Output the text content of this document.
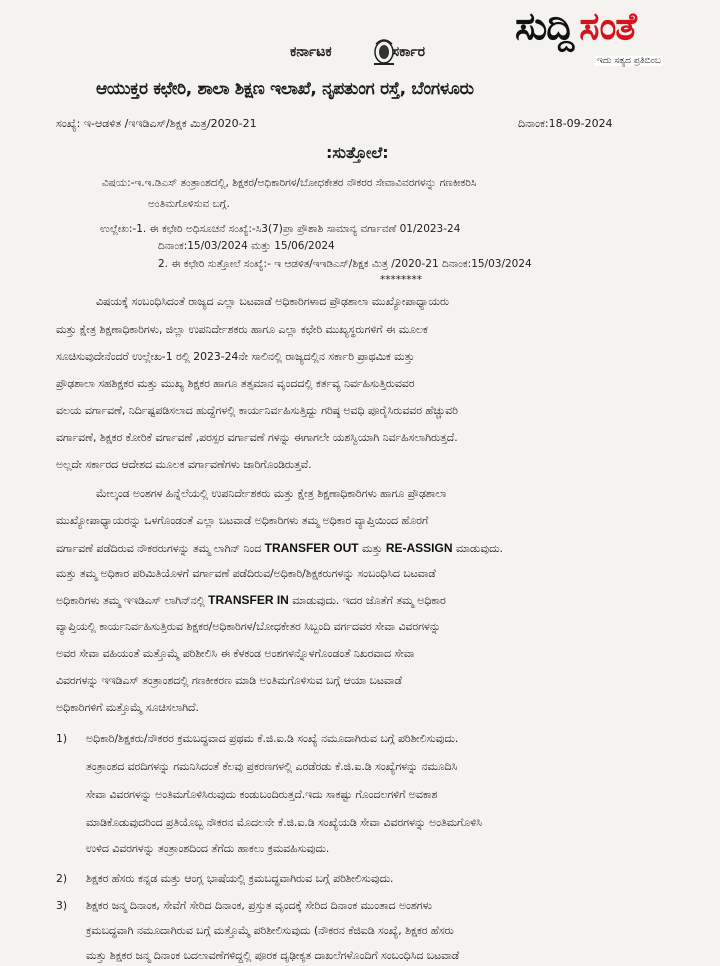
ಸುದ್ದಿ ಸಂತೆ
ಇದು ಸತ್ಯದ ಪ್ರತಿಬಿಂಬ
ಕರ್ನಾಟಕ	ಸರ್ಕಾರ
ಆಯುಕ್ತರ ಕಛೇರಿ, ಶಾಲಾ ಶಿಕ್ಷಣ ಇಲಾಖೆ, ನೃಪತುಂಗ ರಸ್ತೆ, ಬೆಂಗಳೂರು
ಸಂಖ್ಯೆ: ಇ-ಆಡಳಿತ /ಇಇಡಿಎಸ್/ಶಿಕ್ಷಕ ಮಿತ್ರ/2020-21	ದಿನಾಂಕ:18-09-2024
:ಸುತ್ತೋಲೆ:
ವಿಷಯ:-ಇ.ಇ.ಡಿಎಸ್ ತಂತ್ರಾಂಶದಲ್ಲಿ, ಶಿಕ್ಷಕರ/ಅಧಿಕಾರಿಗಳ/ಬೋಧಕೇತರ ನೌಕರರ ಸೇವಾವಿವರಗಳನ್ನು ಗಣಕೀಕರಿಸಿ
ಅಂತಿಮಗೊಳಿಸುವ ಬಗ್ಗೆ.
ಉಲ್ಲೇಖ:-1. ಈ ಕಛೇರಿ ಅಧಿಸೂಚನೆ ಸಂಖ್ಯೆ:-ಸಿ3(7)ಪ್ರಾ ಪ್ರೌಶಾಶಿ ಸಾಮಾನ್ಯ ವರ್ಗಾವಣೆ 01/2023-24
ದಿನಾಂಕ:15/03/2024 ಮತ್ತು 15/06/2024
2. ಈ ಕಛೇರಿ ಸುತ್ತೋಲೆ ಸಂಖ್ಯೆ:- ಇ ಆಡಳಿತ/ಇಇಡಿಎಸ್/ಶಿಕ್ಷಕ ಮಿತ್ರ /2020-21 ದಿನಾಂಕ:15/03/2024
********
ವಿಷಯಕ್ಕೆ ಸಂಬಂಧಿಸಿದಂತೆ ರಾಜ್ಯದ ಎಲ್ಲಾ ಬಟವಾಡೆ ಅಧಿಕಾರಿಗಳಾದ ಪ್ರೌಢಶಾಲಾ ಮುಖ್ಯೋಪಾಧ್ಯಾಯರು
ಮತ್ತು ಕ್ಷೇತ್ರ ಶಿಕ್ಷಣಾಧಿಕಾರಿಗಳು, ಜಿಲ್ಲಾ ಉಪನಿರ್ದೇಶಕರು ಹಾಗೂ ಎಲ್ಲಾ ಕಛೇರಿ ಮುಖ್ಯಸ್ಥರುಗಳಿಗೆ ಈ ಮೂಲಕ
ಸೂಚಿಸುವುದೇನೆಂದರೆ ಉಲ್ಲೇಖ-1 ರಲ್ಲಿ 2023-24ನೇ ಸಾಲಿನಲ್ಲಿ ರಾಜ್ಯದಲ್ಲಿನ ಸರ್ಕಾರಿ ಪ್ರಾಥಮಿಕ ಮತ್ತು
ಪ್ರೌಢಶಾಲಾ ಸಹಶಿಕ್ಷಕರ ಮತ್ತು ಮುಖ್ಯ ಶಿಕ್ಷಕರ ಹಾಗೂ ತತ್ಸಮಾನ ವೃಂದದಲ್ಲಿ ಕರ್ತವ್ಯ ನಿರ್ವಹಿಸುತ್ತಿರುವವರ
ವಲಯ ವರ್ಗಾವಣೆ, ನಿರ್ದಿಷ್ಟಪಡಿಸಲಾದ ಹುದ್ದೆಗಳಲ್ಲಿ ಕಾರ್ಯನಿರ್ವಹಿಸುತ್ತಿದ್ದು ಗರಿಷ್ಠ ಅವಧಿ ಪೂರೈಸಿರುವವರ ಹೆಚ್ಚುವರಿ
ವರ್ಗಾವಣೆ, ಶಿಕ್ಷಕರ ಕೋರಿಕೆ ವರ್ಗಾವಣೆ ,ಪರಸ್ಪರ ವರ್ಗಾವಣೆ ಗಳನ್ನು ಈಗಾಗಲೇ ಯಶಸ್ವಿಯಾಗಿ ನಿರ್ವಹಿಸಲಾಗಿರುತ್ತದೆ.
ಅಲ್ಲದೇ ಸರ್ಕಾರದ ಆದೇಶದ ಮೂಲಕ ವರ್ಗಾವಣೆಗಳು ಜಾರಿಗೊಂಡಿರುತ್ತವೆ.
ಮೇಲ್ಕಂಡ ಅಂಶಗಳ ಹಿನ್ನೆಲೆಯಲ್ಲಿ ಉಪನಿರ್ದೇಶಕರು ಮತ್ತು ಕ್ಷೇತ್ರ ಶಿಕ್ಷಣಾಧಿಕಾರಿಗಳು ಹಾಗೂ ಪ್ರೌಢಶಾಲಾ
ಮುಖ್ಯೋಪಾಧ್ಯಾಯರನ್ನು ಒಳಗೊಂಡಂತೆ ಎಲ್ಲಾ ಬಟವಾಡೆ ಅಧಿಕಾರಿಗಳು ತಮ್ಮ ಅಧಿಕಾರ ವ್ಯಾಪ್ತಿಯಿಂದ ಹೊರಗೆ
ವರ್ಗಾವಣೆ ಪಡೆದಿರುವ ನೌಕರರುಗಳನ್ನು ತಮ್ಮ ಲಾಗಿನ್ ನಿಂದ TRANSFER OUT ಮತ್ತು RE-ASSIGN ಮಾಡುವುದು.
ಮತ್ತು ತಮ್ಮ ಅಧಿಕಾರ ಪರಿಮಿತಿಯೊಳಗೆ ವರ್ಗಾವಣೆ ಪಡೆದಿರುವ/ಅಧಿಕಾರಿ/ಶಿಕ್ಷಕರುಗಳನ್ನು ಸಂಬಂಧಿಸಿದ ಬಟವಾಡೆ
ಅಧಿಕಾರಿಗಳು ತಮ್ಮ ಇಇಡಿಎಸ್ ಲಾಗಿನ್‌ನಲ್ಲಿ TRANSFER IN ಮಾಡುವುದು. ಇದರ ಜೊತೆಗೆ ತಮ್ಮ ಅಧಿಕಾರ
ವ್ಯಾಪ್ತಿಯಲ್ಲಿ ಕಾರ್ಯನಿರ್ವಹಿಸುತ್ತಿರುವ ಶಿಕ್ಷಕರ/ಅಧಿಕಾರಿಗಳ/ಬೋಧಕೇತರ ಸಿಬ್ಬಂದಿ ವರ್ಗದವರ ಸೇವಾ ವಿವರಗಳನ್ನು
ಅವರ ಸೇವಾ ವಹಿಯಂತೆ ಮತ್ತೊಮ್ಮೆ ಪರಿಶೀಲಿಸಿ ಈ ಕೆಳಕಂಡ ಅಂಶಗಳನ್ನೊಳಗೊಂಡಂತೆ ನಿಖರವಾದ ಸೇವಾ
ವಿವರಗಳನ್ನು ಇಇಡಿಎಸ್ ತಂತ್ರಾಂಶದಲ್ಲಿ ಗಣಕೀಕರಣ ಮಾಡಿ ಅಂತಿಮಗೊಳಿಸುವ ಬಗ್ಗೆ ಆಯಾ ಬಟವಾಡೆ
ಅಧಿಕಾರಿಗಳಿಗೆ ಮತ್ತೊಮ್ಮೆ ಸೂಚಿಸಲಾಗಿದೆ.
1) ಅಧಿಕಾರಿ/ಶಿಕ್ಷಕರು/ನೌಕರರ ಕ್ರಮಬದ್ಧವಾದ ಪ್ರಥಮ ಕೆ.ಜಿ.ಐ.ಡಿ ಸಂಖ್ಯೆ ನಮೂದಾಗಿರುವ ಬಗ್ಗೆ ಪರಿಶೀಲಿಸುವುದು.
ತಂತ್ರಾಂಶದ ವರದಿಗಳನ್ನು ಗಮನಿಸಿದಂತೆ ಕೆಲವು ಪ್ರಕರಣಗಳಲ್ಲಿ ಎರಡೆರಡು ಕೆ.ಜಿ.ಐ.ಡಿ ಸಂಖ್ಯೆಗಳನ್ನು ನಮೂದಿಸಿ
ಸೇವಾ ವಿವರಗಳನ್ನು ಅಂತಿಮಗೊಳಿಸಿರುವುದು ಕಂಡುಬಂದಿರುತ್ತದೆ.ಇದು ಸಾಕಷ್ಟು ಗೊಂದಲಗಳಿಗೆ ಅವಕಾಶ
ಮಾಡಿಕೊಡುವುದರಿಂದ ಪ್ರತಿಯೊಬ್ಬ ನೌಕರನ ಮೊದಲನೇ ಕೆ.ಜಿ.ಐ.ಡಿ ಸಂಖ್ಯೆಯಡಿ ಸೇವಾ ವಿವರಗಳನ್ನು ಅಂತಿಮಗೊಳಿಸಿ
ಉಳಿದ ವಿವರಗಳನ್ನು ತಂತ್ರಾಂಶದಿಂದ ತೆಗೆದು ಹಾಕಲು ಕ್ರಮವಹಿಸುವುದು.
2) ಶಿಕ್ಷಕರ ಹೆಸರು ಕನ್ನಡ ಮತ್ತು ಆಂಗ್ಲ ಭಾಷೆಯಲ್ಲಿ ಕ್ರಮಬದ್ಧವಾಗಿರುವ ಬಗ್ಗೆ ಪರಿಶೀಲಿಸುವುದು.
3) ಶಿಕ್ಷಕರ ಜನ್ಮ ದಿನಾಂಕ, ಸೇವೆಗೆ ಸೇರಿದ ದಿನಾಂಕ, ಪ್ರಸ್ತುತ ವೃಂದಕ್ಕೆ ಸೇರಿದ ದಿನಾಂಕ ಮುಂತಾದ ಅಂಶಗಳು
ಕ್ರಮಬದ್ಧವಾಗಿ ನಮೂದಾಗಿರುವ ಬಗ್ಗೆ ಮತ್ತೊಮ್ಮೆ ಪರಿಶೀಲಿಸುವುದು (ನೌಕರನ ಕೆಜಿಐಡಿ ಸಂಖ್ಯೆ, ಶಿಕ್ಷಕರ ಹೆಸರು
ಮತ್ತು ಶಿಕ್ಷಕರ ಜನ್ಮ ದಿನಾಂಕ ಬದಲಾವಣೆಗಳಿದ್ದಲ್ಲಿ ಪೂರಕ ದೃಢೀಕೃತ ದಾಖಲೆಗಳೊಂದಿಗೆ ಸಂಬಂಧಿಸಿದ ಬಟವಾಡೆ
